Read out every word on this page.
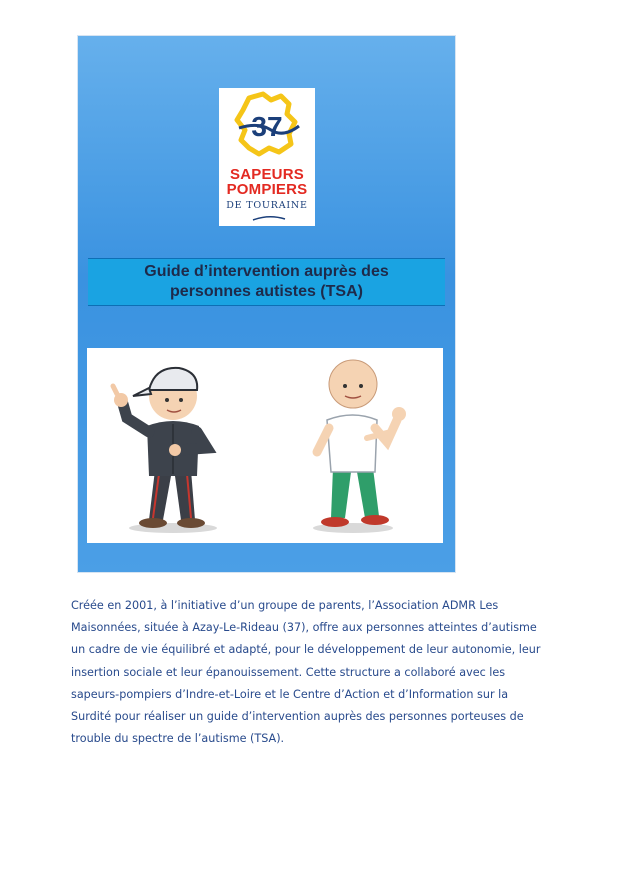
37
SAPEURS
POMPIERS
DE TOURAINE
Guide d’intervention auprès des personnes autistes (TSA)

Créée en 2001, à l’initiative d’un groupe de parents, l’Association ADMR Les Maisonnées, située à Azay-Le-Rideau (37), offre aux personnes atteintes d’autisme un cadre de vie équilibré et adapté, pour le développement de leur autonomie, leur insertion sociale et leur épanouissement. Cette structure a collaboré avec les sapeurs-pompiers d’Indre-et-Loire et le Centre d’Action et d’Information sur la Surdité pour réaliser un guide d’intervention auprès des personnes porteuses de trouble du spectre de l’autisme (TSA).
